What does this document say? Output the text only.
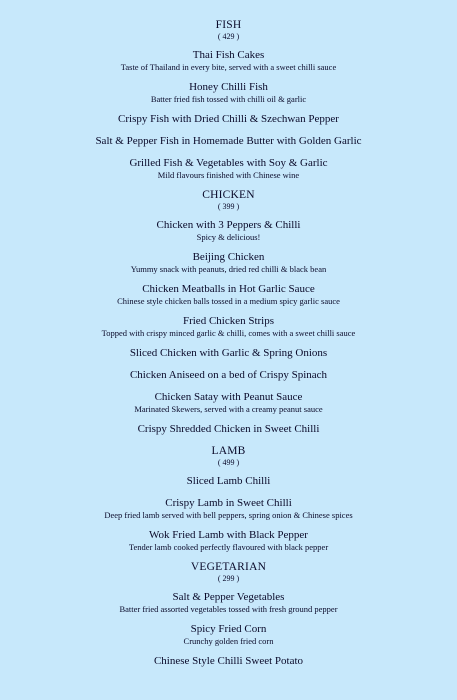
FISH
( 429 )
Thai Fish Cakes
Taste of Thailand in every bite, served with a sweet chilli sauce
Honey Chilli Fish
Batter fried fish tossed with chilli oil & garlic
Crispy Fish with Dried Chilli & Szechwan Pepper
Salt & Pepper Fish in Homemade Butter with Golden Garlic
Grilled Fish & Vegetables with Soy & Garlic
Mild flavours finished with Chinese wine
CHICKEN
( 399 )
Chicken with 3 Peppers & Chilli
Spicy & delicious!
Beijing Chicken
Yummy snack with peanuts, dried red chilli & black bean
Chicken Meatballs in Hot Garlic Sauce
Chinese style chicken balls tossed in a medium spicy garlic sauce
Fried Chicken Strips
Topped with crispy minced garlic & chilli, comes with a sweet chilli sauce
Sliced Chicken with Garlic & Spring Onions
Chicken Aniseed on a bed of Crispy Spinach
Chicken Satay with Peanut Sauce
Marinated Skewers, served with a creamy peanut sauce
Crispy Shredded Chicken in Sweet Chilli
LAMB
( 499 )
Sliced Lamb Chilli
Crispy Lamb in Sweet Chilli
Deep fried lamb served with bell peppers, spring onion & Chinese spices
Wok Fried Lamb with Black Pepper
Tender lamb cooked perfectly flavoured with black pepper
VEGETARIAN
( 299 )
Salt & Pepper Vegetables
Batter fried assorted vegetables tossed with fresh ground pepper
Spicy Fried Corn
Crunchy golden fried corn
Chinese Style Chilli Sweet Potato
